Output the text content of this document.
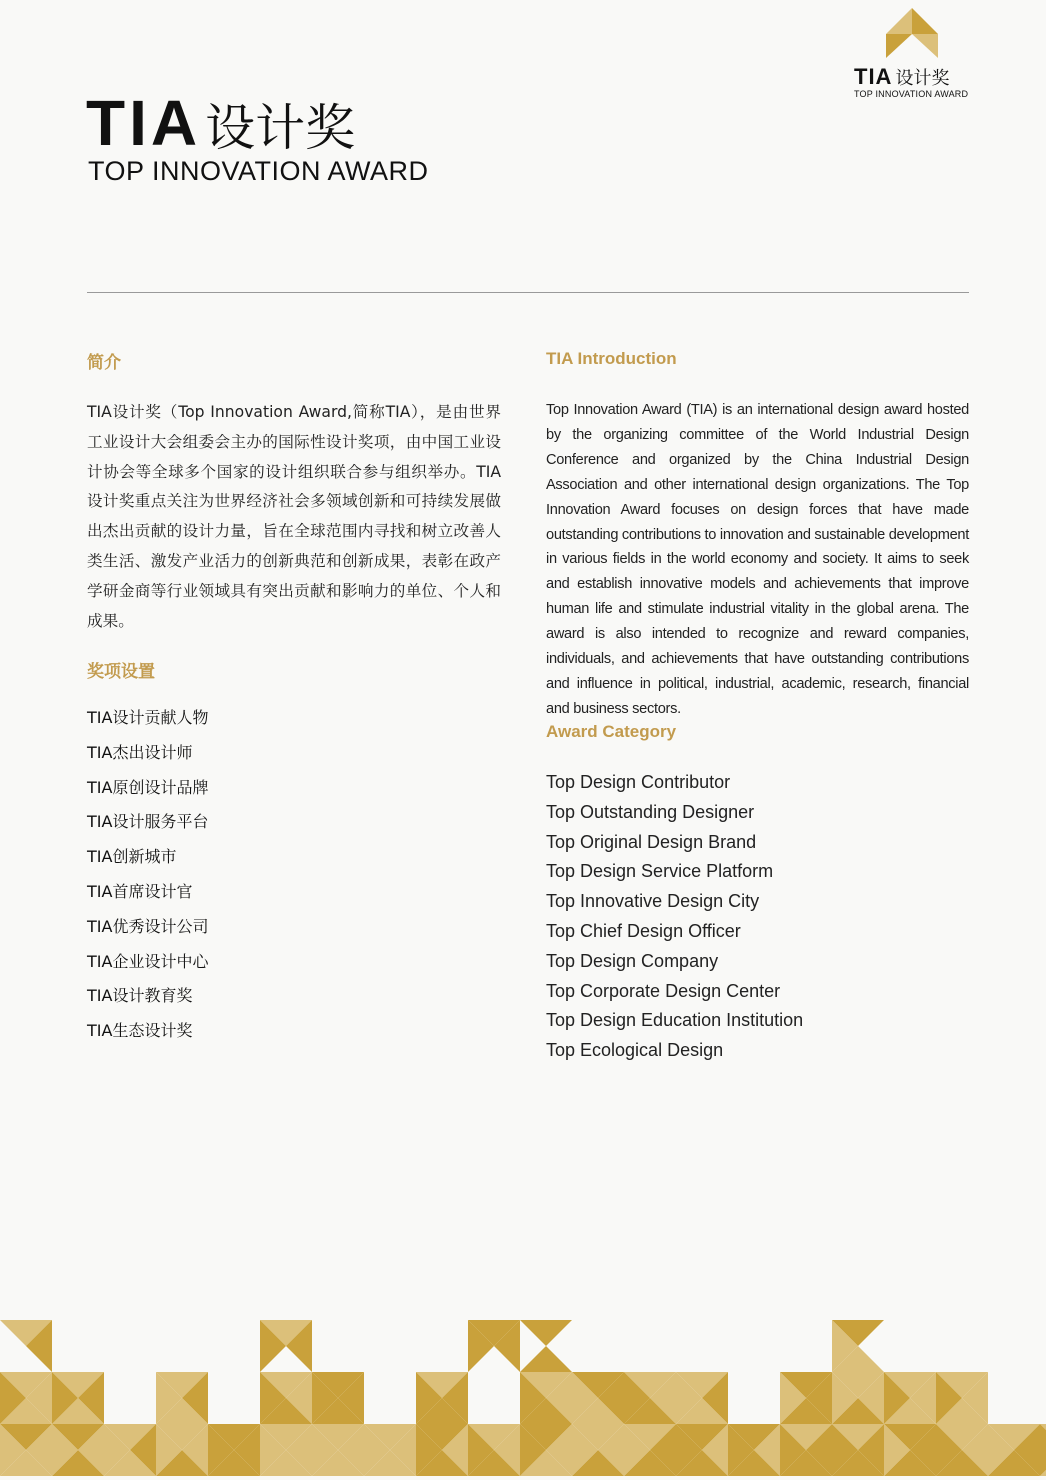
TIA 设计奖
TOP INNOVATION AWARD
TIA设计奖
TOP INNOVATION AWARD
简介

TIA设计奖（Top Innovation Award,简称TIA），是由世界工业设计大会组委会主办的国际性设计奖项，由中国工业设计协会等全球多个国家的设计组织联合参与组织举办。TIA设计奖重点关注为世界经济社会多领域创新和可持续发展做出杰出贡献的设计力量，旨在全球范围内寻找和树立改善人类生活、激发产业活力的创新典范和创新成果，表彰在政产学研金商等行业领域具有突出贡献和影响力的单位、个人和成果。

TIA Introduction

Top Innovation Award (TIA) is an international design award hosted by the organizing committee of the World Industrial Design Conference and organized by the China Industrial Design Association and other international design organizations. The Top Innovation Award focuses on design forces that have made outstanding contributions to innovation and sustainable development in various fields in the world economy and society. It aims to seek and establish innovative models and achievements that improve human life and stimulate industrial vitality in the global arena. The award is also intended to recognize and reward companies, individuals, and achievements that have outstanding contributions and influence in political, industrial, academic, research, financial and business sectors.

奖项设置
TIA设计贡献人物
TIA杰出设计师
TIA原创设计品牌
TIA设计服务平台
TIA创新城市
TIA首席设计官
TIA优秀设计公司
TIA企业设计中心
TIA设计教育奖
TIA生态设计奖
Award Category
Top Design Contributor
Top Outstanding Designer
Top Original Design Brand
Top Design Service Platform
Top Innovative Design City
Top Chief Design Officer
Top Design Company
Top Corporate Design Center
Top Design Education Institution
Top Ecological Design
